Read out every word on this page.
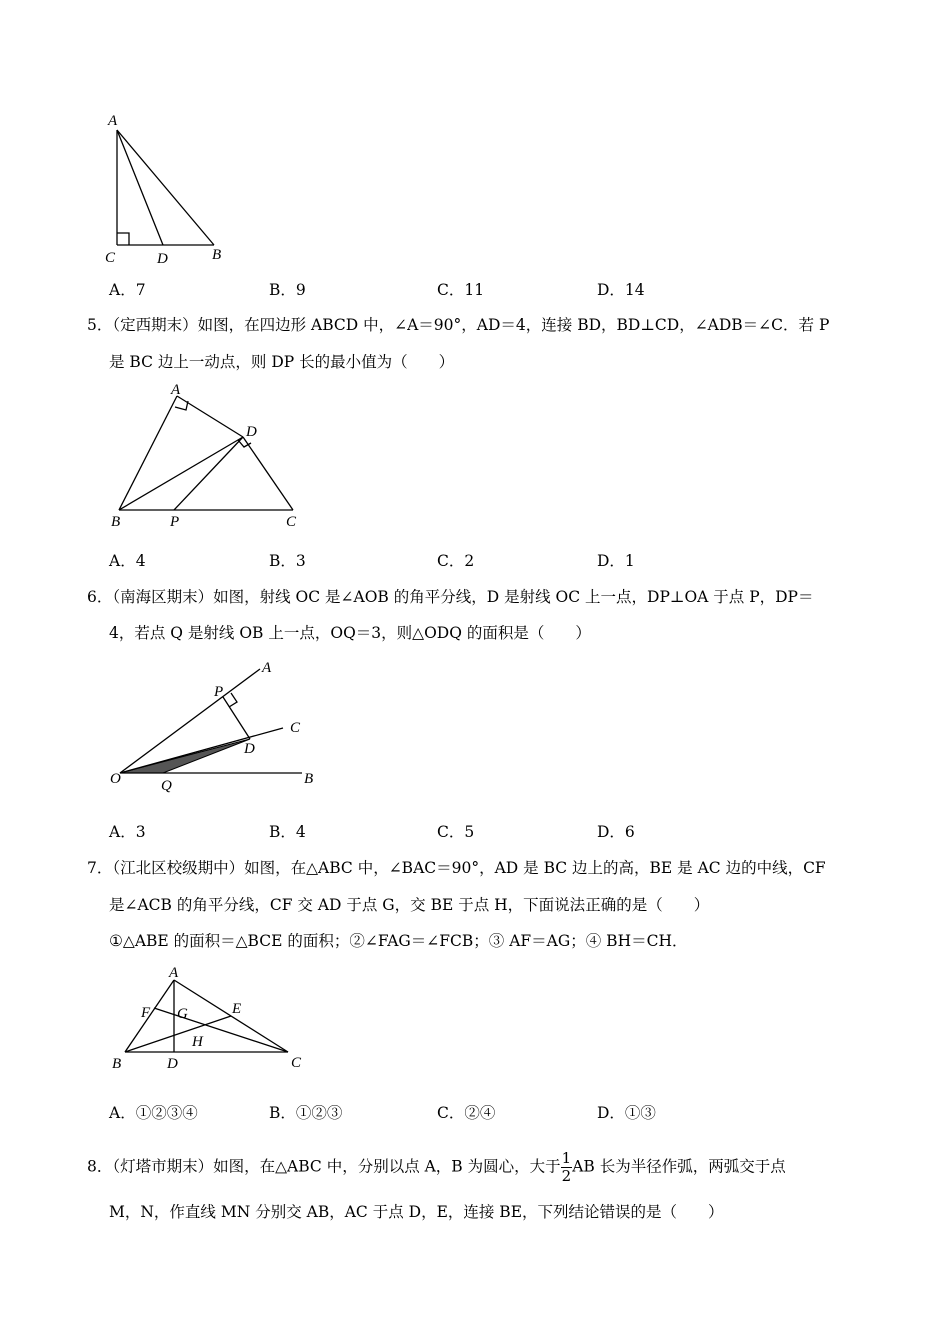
A
C	D	B
A．7	B．9	C．11	D．14
5．（定西期末）如图，在四边形 ABCD 中，∠A＝90°，AD＝4，连接 BD，BD⊥CD，∠ADB＝∠C．若 P
是 BC 边上一动点，则 DP 长的最小值为（　　）
A
D
B	P	C
A．4	B．3	C．2	D．1
6．（南海区期末）如图，射线 OC 是∠AOB 的角平分线，D 是射线 OC 上一点，DP⊥OA 于点 P，DP＝
4，若点 Q 是射线 OB 上一点，OQ＝3，则△ODQ 的面积是（　　）
A
P
C
D
O	Q	B
A．3	B．4	C．5	D．6
7．（江北区校级期中）如图，在△ABC 中，∠BAC＝90°，AD 是 BC 边上的高，BE 是 AC 边的中线，CF
是∠ACB 的角平分线，CF 交 AD 于点 G，交 BE 于点 H，下面说法正确的是（　　）
①△ABE 的面积＝△BCE 的面积；②∠FAG＝∠FCB；③ AF＝AG；④ BH＝CH．
A
F G	E
H
B	D	C
A．①②③④	B．①②③	C．②④	D．①③
8．（灯塔市期末）如图，在△ABC 中，分别以点 A，B 为圆心，大于 $\frac{1}{2}$ AB 长为半径作弧，两弧交于点
M，N，作直线 MN 分别交 AB，AC 于点 D，E，连接 BE，下列结论错误的是（　　）
